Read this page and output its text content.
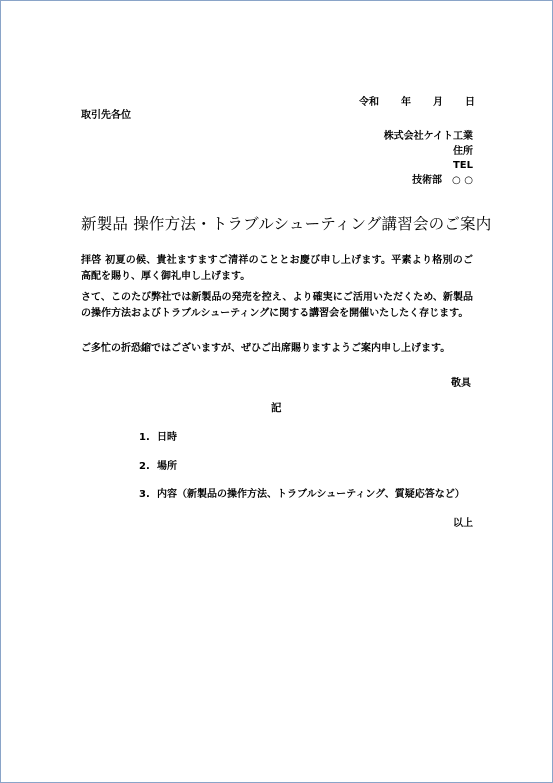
令和 年 月 日
取引先各位
株式会社ケイト工業
住所
TEL
技術部　○ ○
新製品 操作方法・トラブルシューティング講習会のご案内
拝啓 初夏の候、貴社ますますご清祥のこととお慶び申し上げます。平素より格別のご高配を賜り、厚く御礼申し上げます。
さて、このたび弊社では新製品の発売を控え、より確実にご活用いただくため、新製品の操作方法およびトラブルシューティングに関する講習会を開催いたしたく存じます。
ご多忙の折恐縮ではございますが、ぜひご出席賜りますようご案内申し上げます。
敬具
記
1. 日時
2. 場所
3. 内容（新製品の操作方法、トラブルシューティング、質疑応答など）
以上
